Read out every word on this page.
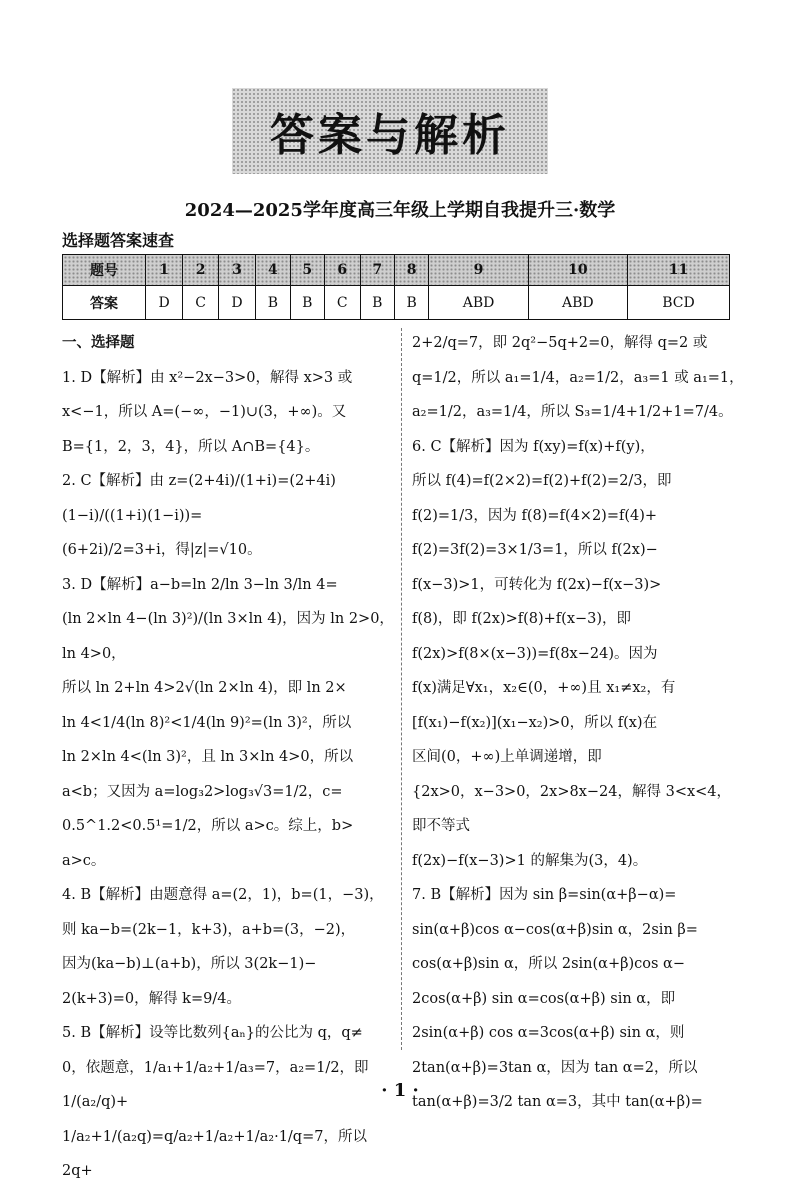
答案与解析
2024—2025学年度高三年级上学期自我提升三·数学
选择题答案速查
题号	1	2	3	4	5	6	7	8	9	10	11
答案	D	C	D	B	B	C	B	B	ABD	ABD	BCD

一、选择题

1. D【解析】由 x²−2x−3>0，解得 x>3 或

x<−1，所以 A=(−∞，−1)∪(3，+∞)。又

B={1，2，3，4}，所以 A∩B={4}。

2. C【解析】由 z=(2+4i)/(1+i)=(2+4i)(1−i)/((1+i)(1−i))=

(6+2i)/2=3+i，得|z|=√10。

3. D【解析】a−b=ln 2/ln 3−ln 3/ln 4=

(ln 2×ln 4−(ln 3)²)/(ln 3×ln 4)，因为 ln 2>0，ln 4>0，

所以 ln 2+ln 4>2√(ln 2×ln 4)，即 ln 2×

ln 4<1/4(ln 8)²<1/4(ln 9)²=(ln 3)²，所以

ln 2×ln 4<(ln 3)²，且 ln 3×ln 4>0，所以

a<b；又因为 a=log₃2>log₃√3=1/2，c=

0.5^1.2<0.5¹=1/2，所以 a>c。综上，b>

a>c。

4. B【解析】由题意得 a=(2，1)，b=(1，−3)，

则 ka−b=(2k−1，k+3)，a+b=(3，−2)，

因为(ka−b)⊥(a+b)，所以 3(2k−1)−

2(k+3)=0，解得 k=9/4。

5. B【解析】设等比数列{aₙ}的公比为 q，q≠

0，依题意，1/a₁+1/a₂+1/a₃=7，a₂=1/2，即 1/(a₂/q)+

1/a₂+1/(a₂q)=q/a₂+1/a₂+1/a₂·1/q=7，所以 2q+

2+2/q=7，即 2q²−5q+2=0，解得 q=2 或

q=1/2，所以 a₁=1/4，a₂=1/2，a₃=1 或 a₁=1，

a₂=1/2，a₃=1/4，所以 S₃=1/4+1/2+1=7/4。

6. C【解析】因为 f(xy)=f(x)+f(y)，

所以 f(4)=f(2×2)=f(2)+f(2)=2/3，即

f(2)=1/3，因为 f(8)=f(4×2)=f(4)+

f(2)=3f(2)=3×1/3=1，所以 f(2x)−

f(x−3)>1，可转化为 f(2x)−f(x−3)>

f(8)，即 f(2x)>f(8)+f(x−3)，即

f(2x)>f(8×(x−3))=f(8x−24)。因为

f(x)满足∀x₁，x₂∈(0，+∞)且 x₁≠x₂，有

[f(x₁)−f(x₂)](x₁−x₂)>0，所以 f(x)在

区间(0，+∞)上单调递增，即

{2x>0，x−3>0，2x>8x−24，解得 3<x<4，即不等式

f(2x)−f(x−3)>1 的解集为(3，4)。

7. B【解析】因为 sin β=sin(α+β−α)=

sin(α+β)cos α−cos(α+β)sin α，2sin β=

cos(α+β)sin α，所以 2sin(α+β)cos α−

2cos(α+β) sin α=cos(α+β) sin α，即

2sin(α+β) cos α=3cos(α+β) sin α，则

2tan(α+β)=3tan α，因为 tan α=2，所以

tan(α+β)=3/2 tan α=3，其中 tan(α+β)=

· 1 ·
